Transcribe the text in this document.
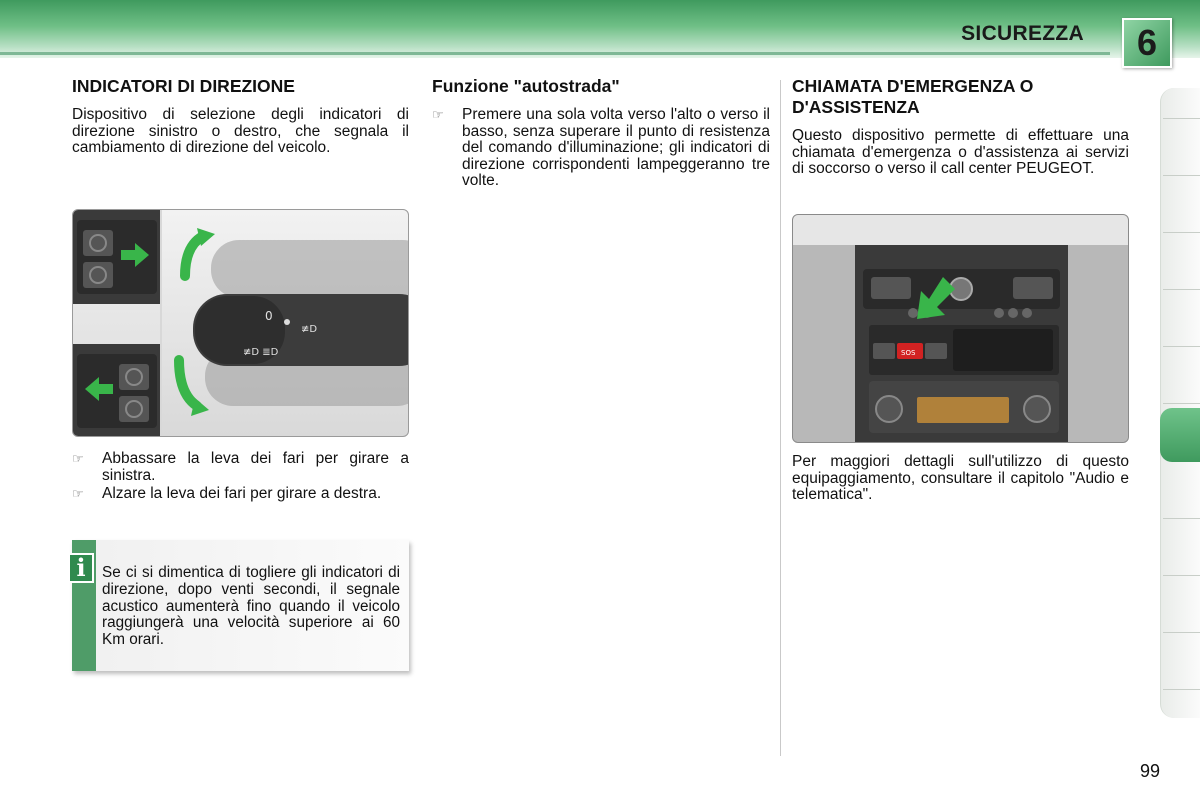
SICUREZZA	6
INDICATORI DI DIREZIONE

Dispositivo di selezione degli indicatori di direzione sinistro o destro, che segnala il cambiamento di direzione del veicolo.

0
≢D
≢D ≣D
☞ Abbassare la leva dei fari per girare a sinistra.
☞ Alzare la leva dei fari per girare a destra.
i	Se ci si dimentica di togliere gli indicatori di direzione, dopo venti secondi, il segnale acustico aumenterà fino quando il veicolo raggiungerà una velocità superiore ai 60 Km orari.
Funzione "autostrada"
☞ Premere una sola volta verso l'alto o verso il basso, senza superare il punto di resistenza del comando d'illuminazione; gli indicatori di direzione corrispondenti lampeggeranno tre volte.
CHIAMATA D'EMERGENZA O D'ASSISTENZA

Questo dispositivo permette di effettuare una chiamata d'emergenza o d'assistenza ai servizi di soccorso o verso il call center PEUGEOT.

SOS

Per maggiori dettagli sull'utilizzo di questo equipaggiamento, consultare il capitolo "Audio e telematica".

99
